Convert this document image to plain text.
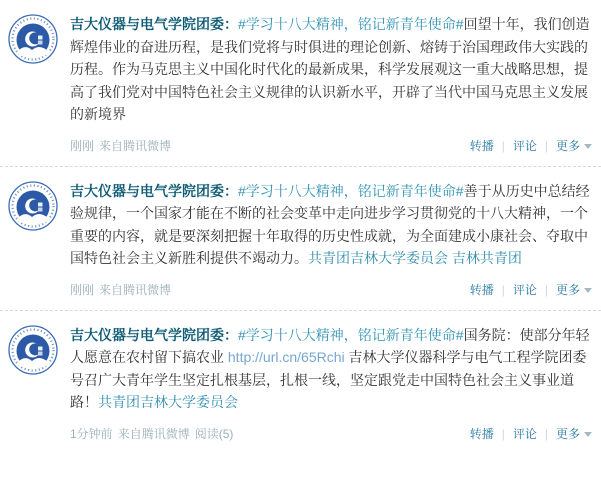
吉大仪器与电气学院团委：#学习十八大精神，铭记新青年使命#回望十年，我们创造辉煌伟业的奋进历程，是我们党将与时俱进的理论创新、熔铸于治国理政伟大实践的历程。作为马克思主义中国化时代化的最新成果，科学发展观这一重大战略思想，提高了我们党对中国特色社会主义规律的认识新水平，开辟了当代中国马克思主义发展的新境界
刚刚 来自腾讯微博	转播 | 评论 | 更多
吉大仪器与电气学院团委：#学习十八大精神，铭记新青年使命#善于从历史中总结经验规律，一个国家才能在不断的社会变革中走向进步学习贯彻党的十八大精神，一个重要的内容，就是要深刻把握十年取得的历史性成就，为全面建成小康社会、夺取中国特色社会主义新胜利提供不竭动力。共青团吉林大学委员会 吉林共青团
刚刚 来自腾讯微博	转播 | 评论 | 更多
吉大仪器与电气学院团委：#学习十八大精神，铭记新青年使命#国务院：使部分年轻人愿意在农村留下搞农业 http://url.cn/65Rchi 吉林大学仪器科学与电气工程学院团委号召广大青年学生坚定扎根基层，扎根一线，坚定跟党走中国特色社会主义事业道路！共青团吉林大学委员会
1分钟前 来自腾讯微博 阅读(5)	转播 | 评论 | 更多
